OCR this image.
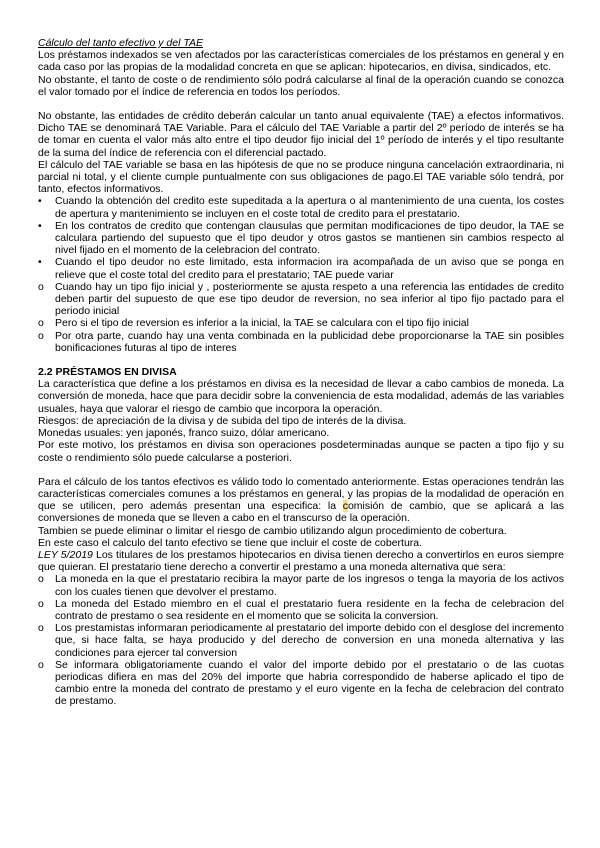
Cálculo del tanto efectivo y del TAE

Los préstamos indexados se ven afectados por las características comerciales de los préstamos en general y en cada caso por las propias de la modalidad concreta en que se aplican: hipotecarios, en divisa, sindicados, etc.

No obstante, el tanto de coste o de rendimiento sólo podrá calcularse al final de la operación cuando se conozca el valor tomado por el índice de referencia en todos los períodos.

No obstante, las entidades de crédito deberán calcular un tanto anual equivalente (TAE) a efectos informativos. Dicho TAE se denominará TAE Variable. Para el cálculo del TAE Variable a partir del 2º período de interés se ha de tomar en cuenta el valor más alto entre el tipo deudor fijo inicial del 1º período de interés y el tipo resultante de la suma del índice de referencia con el diferencial pactado.

El cálculo del TAE variable se basa en las hipótesis de que no se produce ninguna cancelación extraordinaria, ni parcial ni total, y el cliente cumple puntualmente con sus obligaciones de pago.El TAE variable sólo tendrá, por tanto, efectos informativos.

•	Cuando la obtención del credito este supeditada a la apertura o al mantenimiento de una cuenta, los costes de apertura y mantenimiento se incluyen en el coste total de credito para el prestatario.
•	En los contratos de credito que contengan clausulas que permitan modificaciones de tipo deudor, la TAE se calculara partiendo del supuesto que el tipo deudor y otros gastos se mantienen sin cambios respecto al nivel fijado en el momento de la celebracion del contrato.
•	Cuando el tipo deudor no este limitado, esta informacion ira acompañada de un aviso que se ponga en relieve que el coste total del credito para el prestatario; TAE puede variar
o	Cuando hay un tipo fijo inicial y , posteriormente se ajusta respeto a una referencia las entidades de credito deben partir del supuesto de que ese tipo deudor de reversion, no sea inferior al tipo fijo pactado para el periodo inicial
o	Pero si el tipo de reversion es inferior a la inicial, la TAE se calculara con el tipo fijo inicial
o	Por otra parte, cuando hay una venta combinada en la publicidad debe proporcionarse la TAE sin posibles bonificaciones futuras al tipo de interes

2.2 PRÉSTAMOS EN DIVISA

La característica que define a los préstamos en divisa es la necesidad de llevar a cabo cambios de moneda. La conversión de moneda, hace que para decidir sobre la conveniencia de esta modalidad, además de las variables usuales, haya que valorar el riesgo de cambio que incorpora la operación.

Riesgos: de apreciación de la divisa y de subida del tipo de interés de la divisa.

Monedas usuales: yen japonés, franco suizo, dólar americano.

Por este motivo, los préstamos en divisa son operaciones posdeterminadas aunque se pacten a tipo fijo y su coste o rendimiento sólo puede calcularse a posteriori.

Para el cálculo de los tantos efectivos es válido todo lo comentado anteriormente. Estas operaciones tendrán las características comerciales comunes a los préstamos en general, y las propias de la modalidad de operación en que se utilicen, pero además presentan una especifica: la comisión de cambio, que se aplicará a las conversiones de moneda que se lleven a cabo en el transcurso de la operación.

Tambien se puede eliminar o limitar el riesgo de cambio utilizando algun procedimiento de cobertura.

En este caso el calculo del tanto efectivo se tiene que incluir el coste de cobertura.

LEY 5/2019 Los titulares de los prestamos hipotecarios en divisa tienen derecho a convertirlos en euros siempre que quieran. El prestatario tiene derecho a convertir el prestamo a una moneda alternativa que sera:

o	La moneda en la que el prestatario recibira la mayor parte de los ingresos o tenga la mayoria de los activos con los cuales tienen que devolver el prestamo.
o	La moneda del Estado miembro en el cual el prestatario fuera residente en la fecha de celebracion del contrato de prestamo o sea residente en el momento que se solicita la conversion.
o	Los prestamistas informaran periodicamente al prestatario del importe debido con el desglose del incremento que, si hace falta, se haya producido y del derecho de conversion en una moneda alternativa y las condiciones para ejercer tal conversion
o	Se informara obligatoriamente cuando el valor del importe debido por el prestatario o de las cuotas periodicas difiera en mas del 20% del importe que habria correspondido de haberse aplicado el tipo de cambio entre la moneda del contrato de prestamo y el euro vigente en la fecha de celebracion del contrato de prestamo.
